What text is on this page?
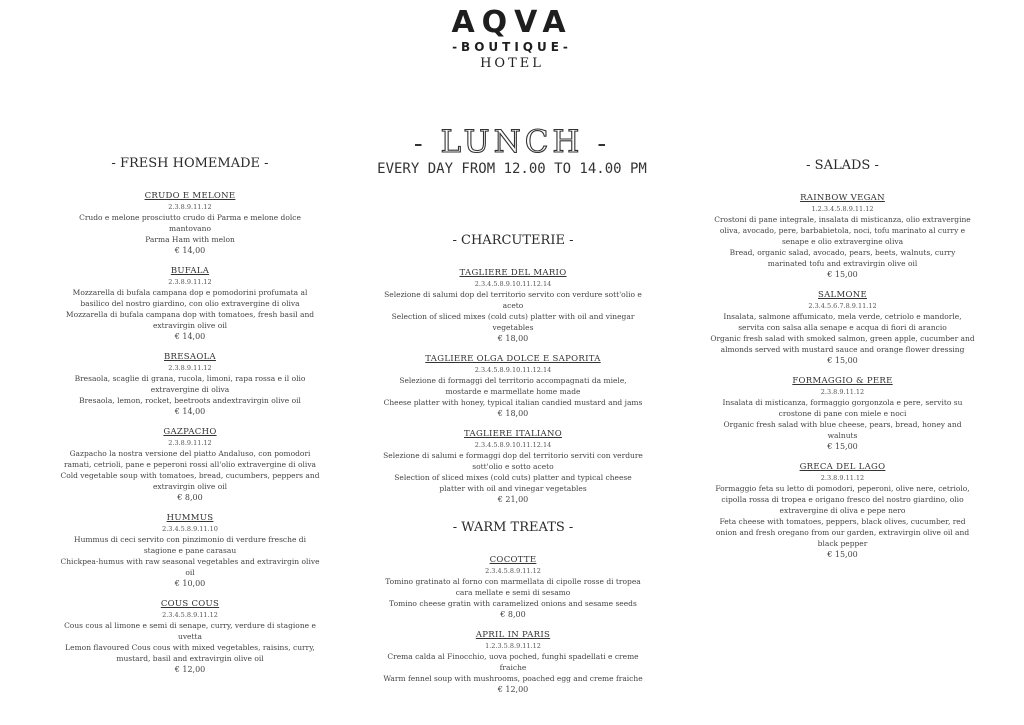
AQVA
-BOUTIQUE-
HOTEL
- LUNCH -
EVERY DAY FROM 12.00 TO 14.00 PM
- FRESH HOMEMADE -
CRUDO E MELONE
2.3.8.9.11.12
Crudo e melone prosciutto crudo di Parma e melone dolce mantovano
Parma Ham with melon
€ 14,00
BUFALA
2.3.8.9.11.12
Mozzarella di bufala campana dop e pomodorini profumata al basilico del nostro giardino, con olio extravergine di oliva
Mozzarella di bufala campana dop with tomatoes, fresh basil and extravirgin olive oil
€ 14,00
BRESAOLA
2.3.8.9.11.12
Bresaola, scaglie di grana, rucola, limoni, rapa rossa e il olio extravergine di oliva
Bresaola, lemon, rocket, beetroots andextravirgin olive oil
€ 14,00
GAZPACHO
2.3.8.9.11.12
Gazpacho la nostra versione del piatto Andaluso, con pomodori ramati, cetrioli, pane e peperoni rossi all'olio extravergine di oliva
Cold vegetable soup with tomatoes, bread, cucumbers, peppers and extravirgin olive oil
€ 8,00
HUMMUS
2.3.4.5.8.9.11.10
Hummus di ceci servito con pinzimonio di verdure fresche di stagione e pane carasau
Chickpea-humus with raw seasonal vegetables and extravirgin olive oil
€ 10,00
COUS COUS
2.3.4.5.8.9.11.12
Cous cous al limone e semi di senape, curry, verdure di stagione e uvetta
Lemon flavoured Cous cous with mixed vegetables, raisins, curry, mustard, basil and extravirgin olive oil
€ 12,00
- CHARCUTERIE -
TAGLIERE DEL MARIO
2.3.4.5.8.9.10.11.12.14
Selezione di salumi dop del territorio servito con verdure sott'olio e aceto
Selection of sliced mixes (cold cuts) platter with oil and vinegar vegetables
€ 18,00
TAGLIERE OLGA DOLCE E SAPORITA
2.3.4.5.8.9.10.11.12.14
Selezione di formaggi del territorio accompagnati da miele, mostarde e marmellate home made
Cheese platter with honey, typical italian candied mustard and jams
€ 18,00
TAGLIERE ITALIANO
2.3.4.5.8.9.10.11.12.14
Selezione di salumi e formaggi dop del territorio serviti con verdure sott'olio e sotto aceto
Selection of sliced mixes (cold cuts) platter and typical cheese platter with oil and vinegar vegetables
€ 21,00
- WARM TREATS -
COCOTTE
2.3.4.5.8.9.11.12
Tomino gratinato al forno con marmellata di cipolle rosse di tropea cara mellate e semi di sesamo
Tomino cheese gratin with caramelized onions and sesame seeds
€ 8,00
APRIL IN PARIS
1.2.3.5.8.9.11.12
Crema calda al Finocchio, uova poched, funghi spadellati e creme fraiche
Warm fennel soup with mushrooms, poached egg and creme fraiche
€ 12,00
- SALADS -
RAINBOW VEGAN
1.2.3.4.5.8.9.11.12
Crostoni di pane integrale, insalata di misticanza, olio extravergine oliva, avocado, pere, barbabietola, noci, tofu marinato al curry e senape e olio extravergine oliva
Bread, organic salad, avocado, pears, beets, walnuts, curry marinated tofu and extravirgin olive oil
€ 15,00
SALMONE
2.3.4.5.6.7.8.9.11.12
Insalata, salmone affumicato, mela verde, cetriolo e mandorle, servita con salsa alla senape e acqua di fiori di arancio
Organic fresh salad with smoked salmon, green apple, cucumber and almonds served with mustard sauce and orange flower dressing
€ 15,00
FORMAGGIO & PERE
2.3.8.9.11.12
Insalata di misticanza, formaggio gorgonzola e pere, servito su crostone di pane con miele e noci
Organic fresh salad with blue cheese, pears, bread, honey and walnuts
€ 15,00
GRECA DEL LAGO
2.3.8.9.11.12
Formaggio feta su letto di pomodori, peperoni, olive nere, cetriolo, cipolla rossa di tropea e origano fresco del nostro giardino, olio extravergine di oliva e pepe nero
Feta cheese with tomatoes, peppers, black olives, cucumber, red onion and fresh oregano from our garden, extravirgin olive oil and black pepper
€ 15,00
